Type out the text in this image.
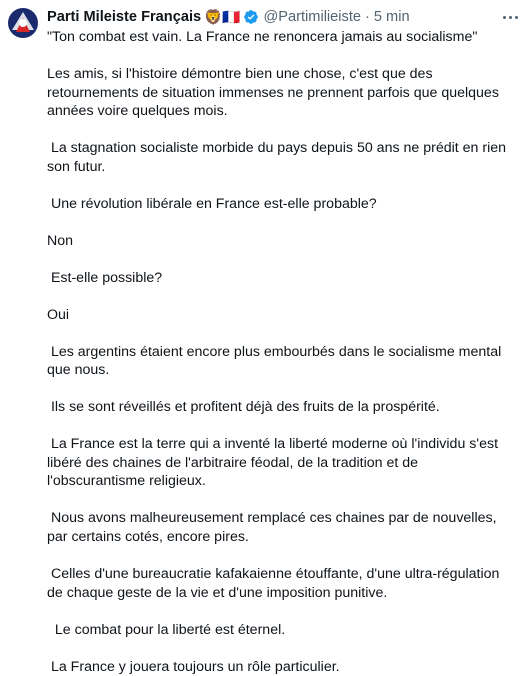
Parti Mileiste Français 🦁🇫🇷 @Partimilieiste · 5 min
"Ton combat est vain. La France ne renoncera jamais au socialisme"
Les amis, si l'histoire démontre bien une chose, c'est que des retournements de situation immenses ne prennent parfois que quelques années voire quelques mois.
La stagnation socialiste morbide du pays depuis 50 ans ne prédit en rien son futur.
Une révolution libérale en France est-elle probable?
Non
Est-elle possible?
Oui
Les argentins étaient encore plus embourbés dans le socialisme mental que nous.
Ils se sont réveillés et profitent déjà des fruits de la prospérité.
La France est la terre qui a inventé la liberté moderne où l'individu s'est libéré des chaines de l'arbitraire féodal, de la tradition et de l'obscurantisme religieux.
Nous avons malheureusement remplacé ces chaines par de nouvelles, par certains cotés, encore pires.
Celles d'une bureaucratie kafakaienne étouffante, d'une ultra-régulation de chaque geste de la vie et d'une imposition punitive.
Le combat pour la liberté est éternel.
La France y jouera toujours un rôle particulier.
